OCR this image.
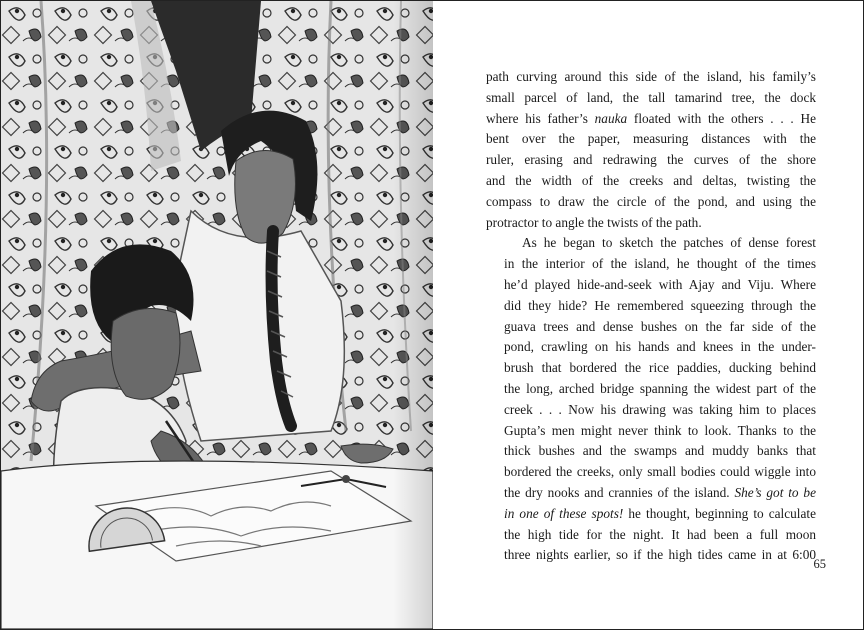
path curving around this side of the island, his family’s
small parcel of land, the tall tamarind tree, the dock
where his father’s nauka floated with the others . . . He
bent over the paper, measuring distances with the
ruler, erasing and redrawing the curves of the shore
and the width of the creeks and deltas, twisting the
compass to draw the circle of the pond, and using the
protractor to angle the twists of the path.

As he began to sketch the patches of dense forest
in the interior of the island, he thought of the times
he’d played hide-and-seek with Ajay and Viju. Where
did they hide? He remembered squeezing through the
guava trees and dense bushes on the far side of the
pond, crawling on his hands and knees in the under-
brush that bordered the rice paddies, ducking behind
the long, arched bridge spanning the widest part of the
creek . . . Now his drawing was taking him to places
Gupta’s men might never think to look. Thanks to the
thick bushes and the swamps and muddy banks that
bordered the creeks, only small bodies could wiggle into
the dry nooks and crannies of the island. She’s got to be
in one of these spots! he thought, beginning to calculate
the high tide for the night. It had been a full moon
three nights earlier, so if the high tides came in at 6:00

65
